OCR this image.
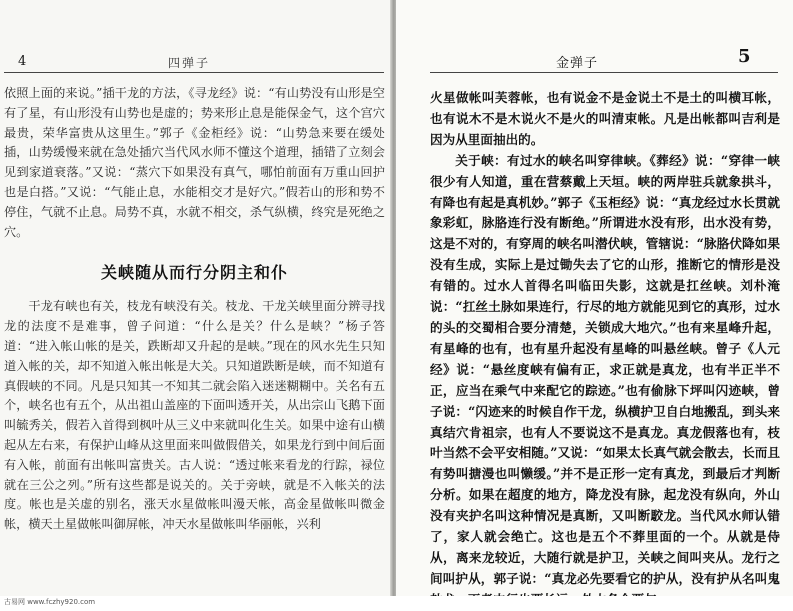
4	四弹子

依照上面的来说。”插干龙的方法，《寻龙经》说：“有山势没有山形是空有了星，有山形没有山势也是虚的；势来形止息是能保金气，这个宫穴最贵，荣华富贵从这里生。”郭子《金柜经》说：“山势急来要在缓处插，山势缓慢来就在急处插穴当代风水师不懂这个道理，插错了立刻会见到家道衰落。”又说：“蒸穴下如果没有真气，哪怕前面有万重山回护也是白搭。”又说：“气能止息，水能相交才是好穴。”假若山的形和势不停住，气就不止息。局势不真，水就不相交，杀气纵横，终究是死绝之穴。

关峡随从而行分阴主和仆

干龙有峡也有关，枝龙有峡没有关。枝龙、干龙关峡里面分辨寻找龙的法度不是难事，曾子问道：“什么是关？什么是峡？”杨子答道：“进入帐山帐的是关，跌断却又升起的是峡。”现在的风水先生只知道入帐的关，却不知道入帐出帐是大关。只知道跌断是峡，而不知道有真假峡的不同。凡是只知其一不知其二就会陷入迷迷糊糊中。关名有五个，峡名也有五个，从出祖山盖座的下面叫透开关，从出宗山飞鹅下面叫毓秀关，假若入首得到枫叶从三义中来就叫化生关。如果中途有山横起从左右来，有保护山峰从这里面来叫做假借关，如果龙行到中间后面有入帐，前面有出帐叫富贵关。古人说：“透过帐来看龙的行踪，禄位就在三公之列。”所有这些都是说关的。关于旁峡，就是不入帐关的法度。帐也是关虚的别名，涨天水星做帐叫漫天帐，高金星做帐叫微金帐，横天土星做帐叫御屏帐，冲天水星做帐叫华丽帐，兴利

金弹子	5

火星做帐叫芙蓉帐，也有说金不是金说土不是土的叫横耳帐，也有说木不是木说火不是火的叫清束帐。凡是出帐都叫吉利是因为从里面抽出的。

关于峡：有过水的峡名叫穿律峡。《葬经》说：“穿律一峡很少有人知道，重在营蔡戴上天垣。峡的两岸驻兵就象拱斗，有降也有起是真机妙。”郭子《玉柜经》说：“真龙经过水长贯就象彩虹，脉胳连行没有断绝。”所谓进水没有形，出水没有势，这是不对的，有穿周的峡名叫潜伏峡，管辖说：“脉胳伏降如果没有生成，实际上是过锄失去了它的山形，推断它的情形是没有错的。过水人首得名叫临田失影，这就是扛丝峡。刘朴淹说：“扛丝土脉如果连行，行尽的地方就能见到它的真形，过水的头的交蜀相合要分清楚，关锁成大地穴。”也有来星峰升起，有星峰的也有，也有星升起没有星峰的叫悬丝峡。曾子《人元经》说：“悬丝度峡有偏有正，求正就是真龙，也有半正半不正，应当在乘气中来配它的踪迹。”也有偷脉下坪叫闪迹峡，曾子说：“闪迹来的时候自作干龙，纵横护卫自白地搬乱，到头来真结穴肯祖宗，也有人不要说这不是真龙。真龙假落也有，枝叶当然不会平安相随。”又说：“如果太长真气就会散去，长而且有势叫搪漫也叫懒缓。”并不是正形一定有真龙，到最后才判断分析。如果在超度的地方，降龙没有脉，起龙没有纵向，外山没有夹护名叫这种情况是真断，又叫断駮龙。当代风水师认错了，家人就会绝亡。这也是五个不葬里面的一个。从就是侍从，离来龙较近，大随行就是护卫，关峡之间叫夹从。龙行之间叫护从，郭子说：“真龙必先要看它的护从，没有护从名叫鬼

古易网 www.fczhy920.com
